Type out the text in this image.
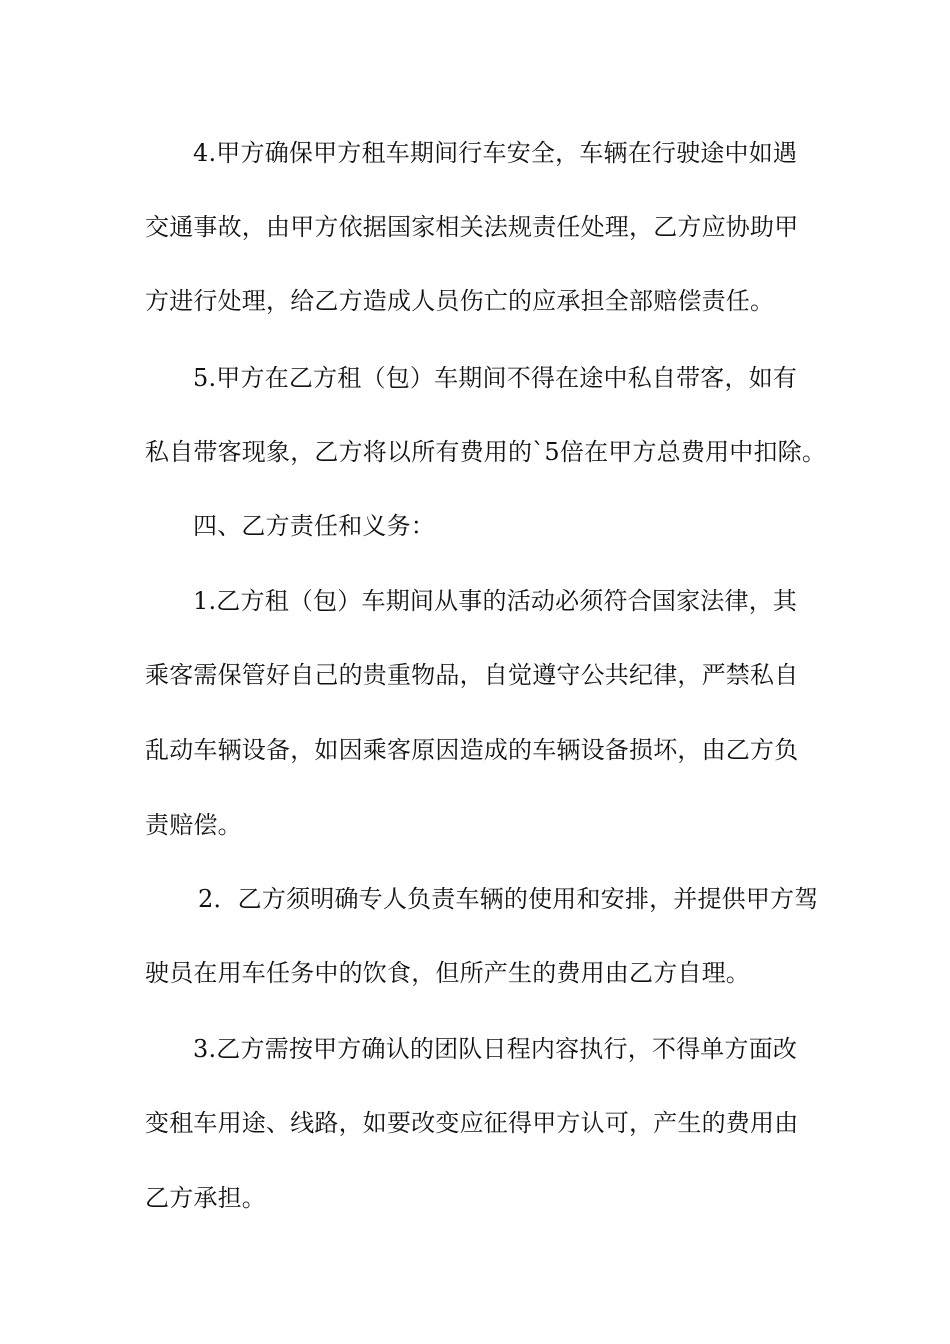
4.甲方确保甲方租车期间行车安全，车辆在行驶途中如遇
交通事故，由甲方依据国家相关法规责任处理，乙方应协助甲
方进行处理，给乙方造成人员伤亡的应承担全部赔偿责任。
5.甲方在乙方租（包）车期间不得在途中私自带客，如有
私自带客现象，乙方将以所有费用的`5倍在甲方总费用中扣除。
四、乙方责任和义务：
1.乙方租（包）车期间从事的活动必须符合国家法律，其
乘客需保管好自己的贵重物品，自觉遵守公共纪律，严禁私自
乱动车辆设备，如因乘客原因造成的车辆设备损坏，由乙方负
责赔偿。
2．乙方须明确专人负责车辆的使用和安排，并提供甲方驾
驶员在用车任务中的饮食，但所产生的费用由乙方自理。
3.乙方需按甲方确认的团队日程内容执行，不得单方面改
变租车用途、线路，如要改变应征得甲方认可，产生的费用由
乙方承担。
